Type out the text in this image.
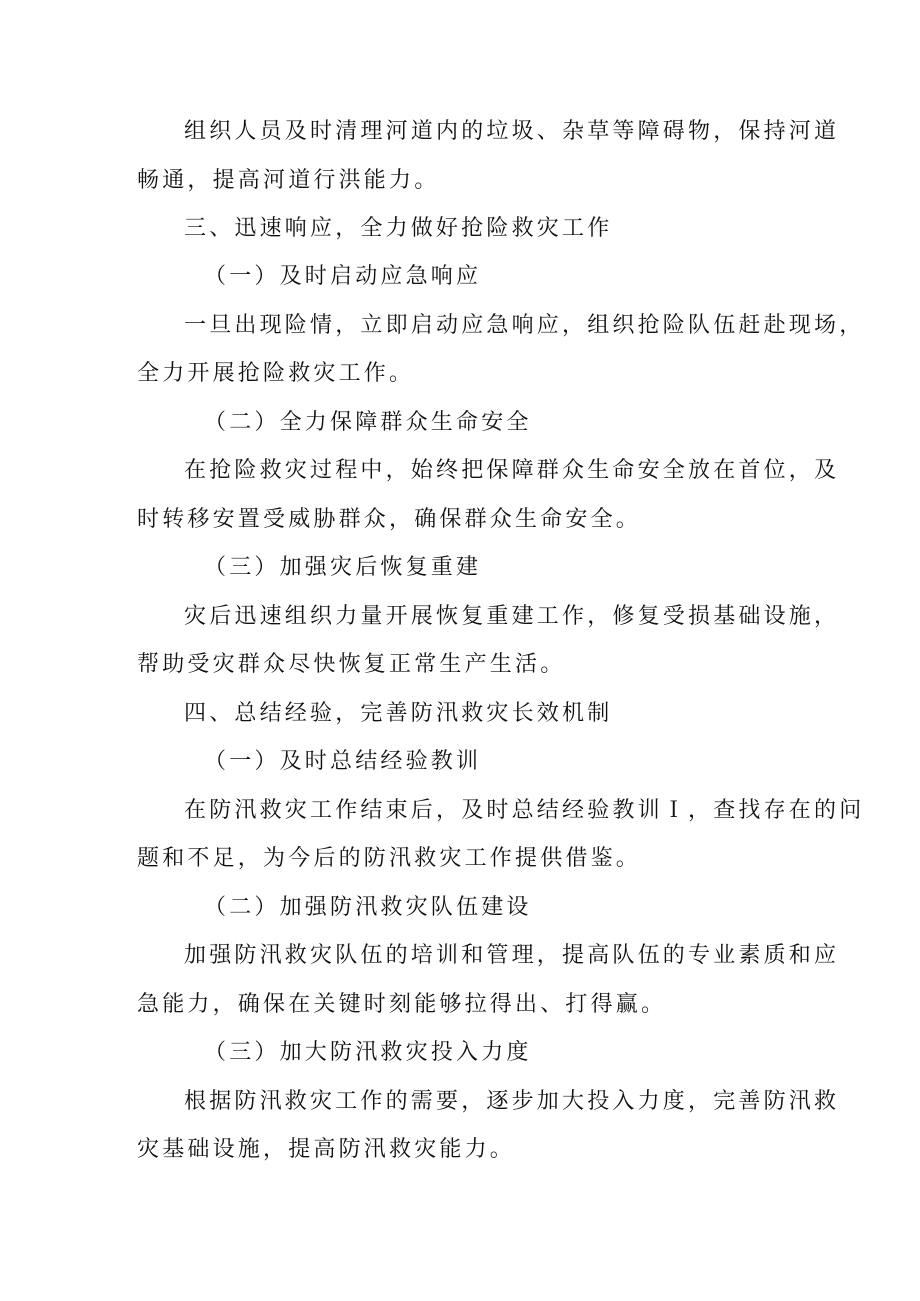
组织人员及时清理河道内的垃圾、杂草等障碍物，保持河道
畅通，提高河道行洪能力。
三、迅速响应，全力做好抢险救灾工作
（一）及时启动应急响应
一旦出现险情，立即启动应急响应，组织抢险队伍赶赴现场，
全力开展抢险救灾工作。
（二）全力保障群众生命安全
在抢险救灾过程中，始终把保障群众生命安全放在首位，及
时转移安置受威胁群众，确保群众生命安全。
（三）加强灾后恢复重建
灾后迅速组织力量开展恢复重建工作，修复受损基础设施，
帮助受灾群众尽快恢复正常生产生活。
四、总结经验，完善防汛救灾长效机制
（一）及时总结经验教训
在防汛救灾工作结束后，及时总结经验教训Ｉ，查找存在的问
题和不足，为今后的防汛救灾工作提供借鉴。
（二）加强防汛救灾队伍建设
加强防汛救灾队伍的培训和管理，提高队伍的专业素质和应
急能力，确保在关键时刻能够拉得出、打得赢。
（三）加大防汛救灾投入力度
根据防汛救灾工作的需要，逐步加大投入力度，完善防汛救
灾基础设施，提高防汛救灾能力。
